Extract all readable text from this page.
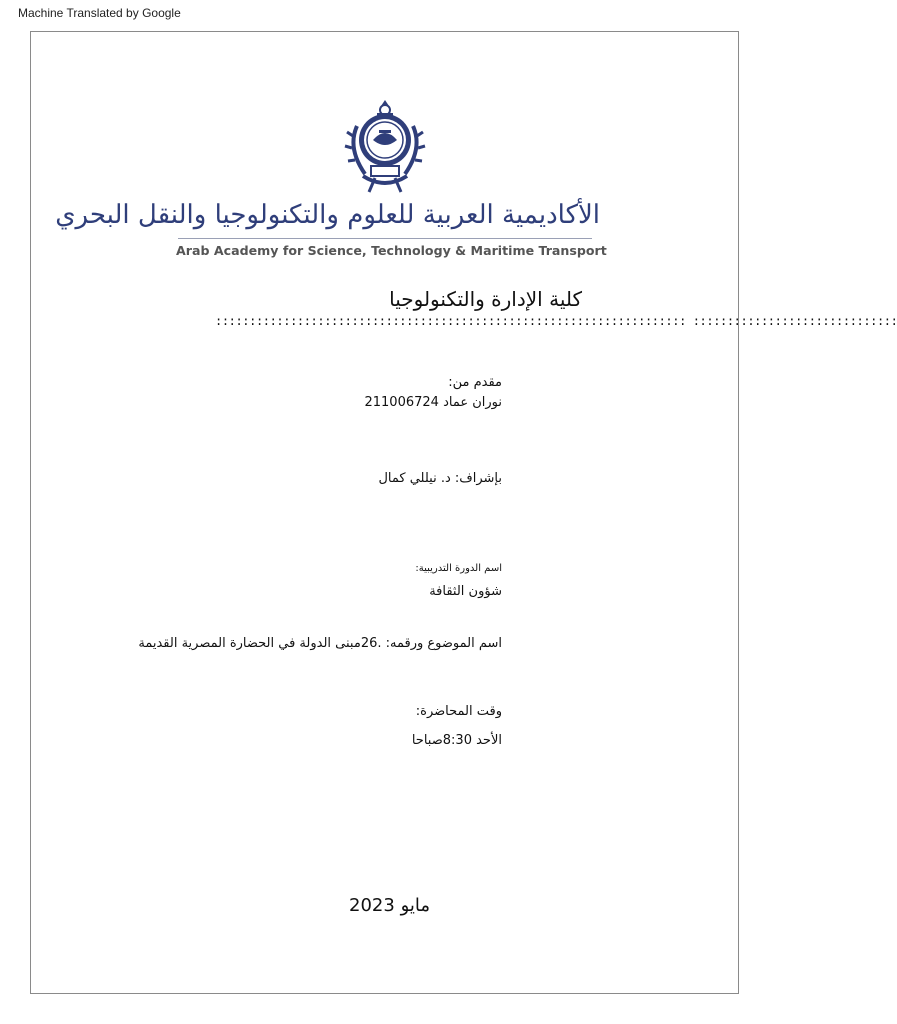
Machine Translated by Google
الأكاديمية العربية للعلوم والتكنولوجيا والنقل البحري
Arab Academy for Science, Technology & Maritime Transport
كلية الإدارة والتكنولوجيا
::::::::::::::::::::::::::::::::::::::::::::::::::::::::::::::::::::: ::::::::::::::::::::::::::::::
مقدم من:
نوران عماد 211006724
بإشراف: د. نيللي كمال
اسم الدورة التدريبية:
شؤون الثقافة
اسم الموضوع ورقمه: .26مبنى الدولة في الحضارة المصرية القديمة
وقت المحاضرة:
الأحد 8:30صباحا
مايو 2023
